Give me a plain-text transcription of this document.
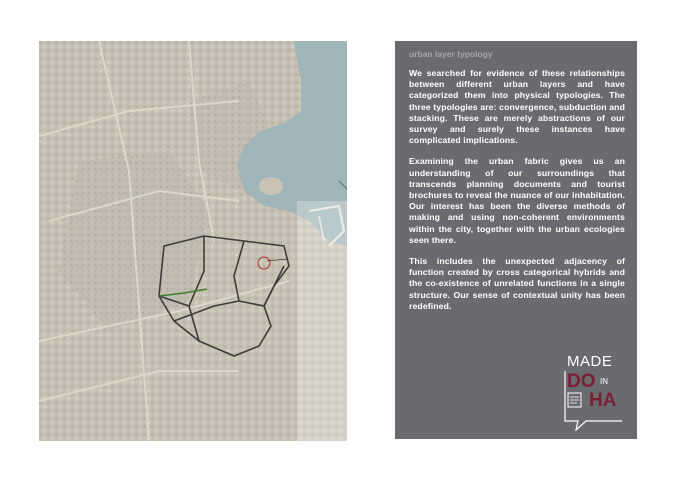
urban layer typology

We searched for evidence of these relationships between different urban layers and have categorized them into physical typologies. The three typologies are: convergence, subduction and stacking. These are merely abstractions of our survey and surely these instances have complicated implications.

Examining the urban fabric gives us an understanding of our surroundings that transcends planning documents and tourist brochures to reveal the nuance of our inhabitation. Our interest has been the diverse methods of making and using non-coherent environments within the city, together with the urban ecologies seen there.

This includes the unexpected adjacency of function created by cross categorical hybrids and the co-existence of unrelated functions in a single structure. Our sense of contextual unity has been redefined.

MADE
DO IN
HA
